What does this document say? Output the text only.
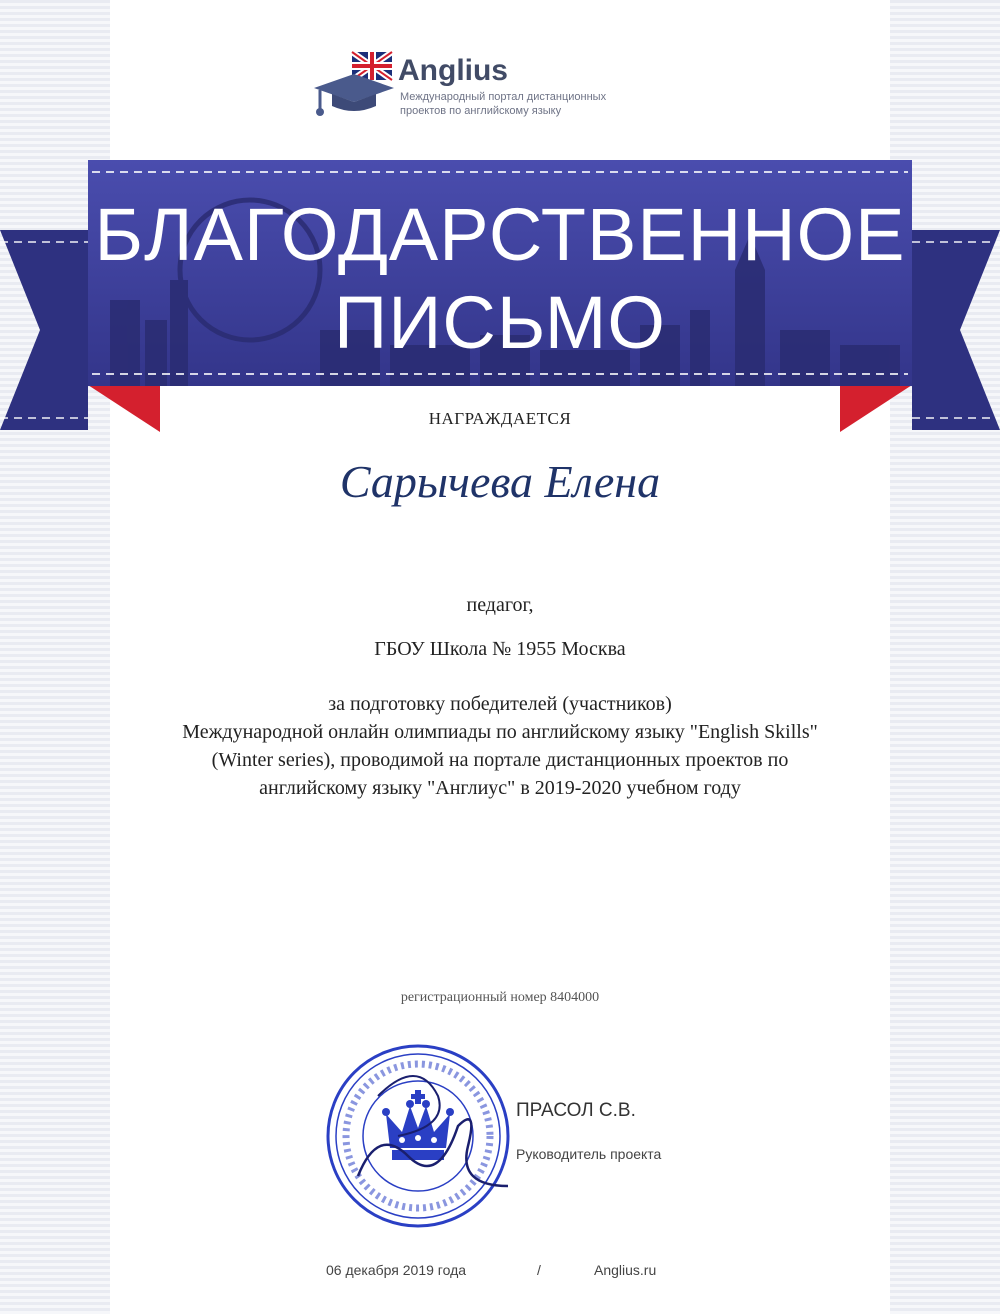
Anglius
Международный портал дистанционных проектов по английскому языку
БЛАГОДАРСТВЕННОЕ
ПИСЬМО
НАГРАЖДАЕТСЯ
Сарычева Елена
педагог,
ГБОУ Школа № 1955 Москва
за подготовку победителей (участников)
Международной онлайн олимпиады по английскому языку "English Skills"
(Winter series), проводимой на портале дистанционных проектов по
английскому языку "Англиус" в 2019-2020 учебном году
регистрационный номер 8404000
ПРАСОЛ С.В.
Руководитель проекта
06 декабря 2019 года	/	Anglius.ru
